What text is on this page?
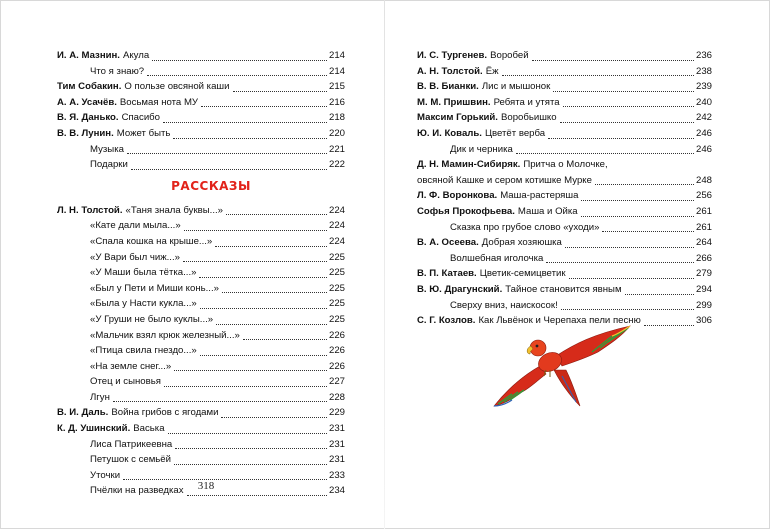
И. А. Мазнин. Акула	214
Что я знаю?	214
Тим Собакин. О пользе овсяной каши	215
А. А. Усачёв. Восьмая нота МУ	216
В. Я. Данько. Спасибо	218
В. В. Лунин. Может быть	220
Музыка	221
Подарки	222
РАССКАЗЫ
Л. Н. Толстой. «Таня знала буквы...»	224
«Кате дали мыла...»	224
«Спала кошка на крыше...»	224
«У Вари был чиж...»	225
«У Маши была тётка...»	225
«Был у Пети и Миши конь...»	225
«Была у Насти кукла...»	225
«У Груши не было куклы...»	225
«Мальчик взял крюк железный...»	226
«Птица свила гнездо...»	226
«На земле снег...»	226
Отец и сыновья	227
Лгун	228
В. И. Даль. Война грибов с ягодами	229
К. Д. Ушинский. Васька	231
Лиса Патрикеевна	231
Петушок с семьёй	231
Уточки	233
Пчёлки на разведках	234
И. С. Тургенев. Воробей	236
А. Н. Толстой. Ёж	238
В. В. Бианки. Лис и мышонок	239
М. М. Пришвин. Ребята и утята	240
Максим Горький. Воробьишко	242
Ю. И. Коваль. Цветёт верба	246
Дик и черника	246
Д. Н. Мамин-Сибиряк. Притча о Молочке,
овсяной Кашке и сером котишке Мурке	248
Л. Ф. Воронкова. Маша-растеряша	256
Софья Прокофьева. Маша и Ойка	261
Сказка про грубое слово «уходи»	261
В. А. Осеева. Добрая хозяюшка	264
Волшебная иголочка	266
В. П. Катаев. Цветик-семицветик	279
В. Ю. Драгунский. Тайное становится явным	294
Сверху вниз, наискосок!	299
С. Г. Козлов. Как Львёнок и Черепаха пели песню	306
318
